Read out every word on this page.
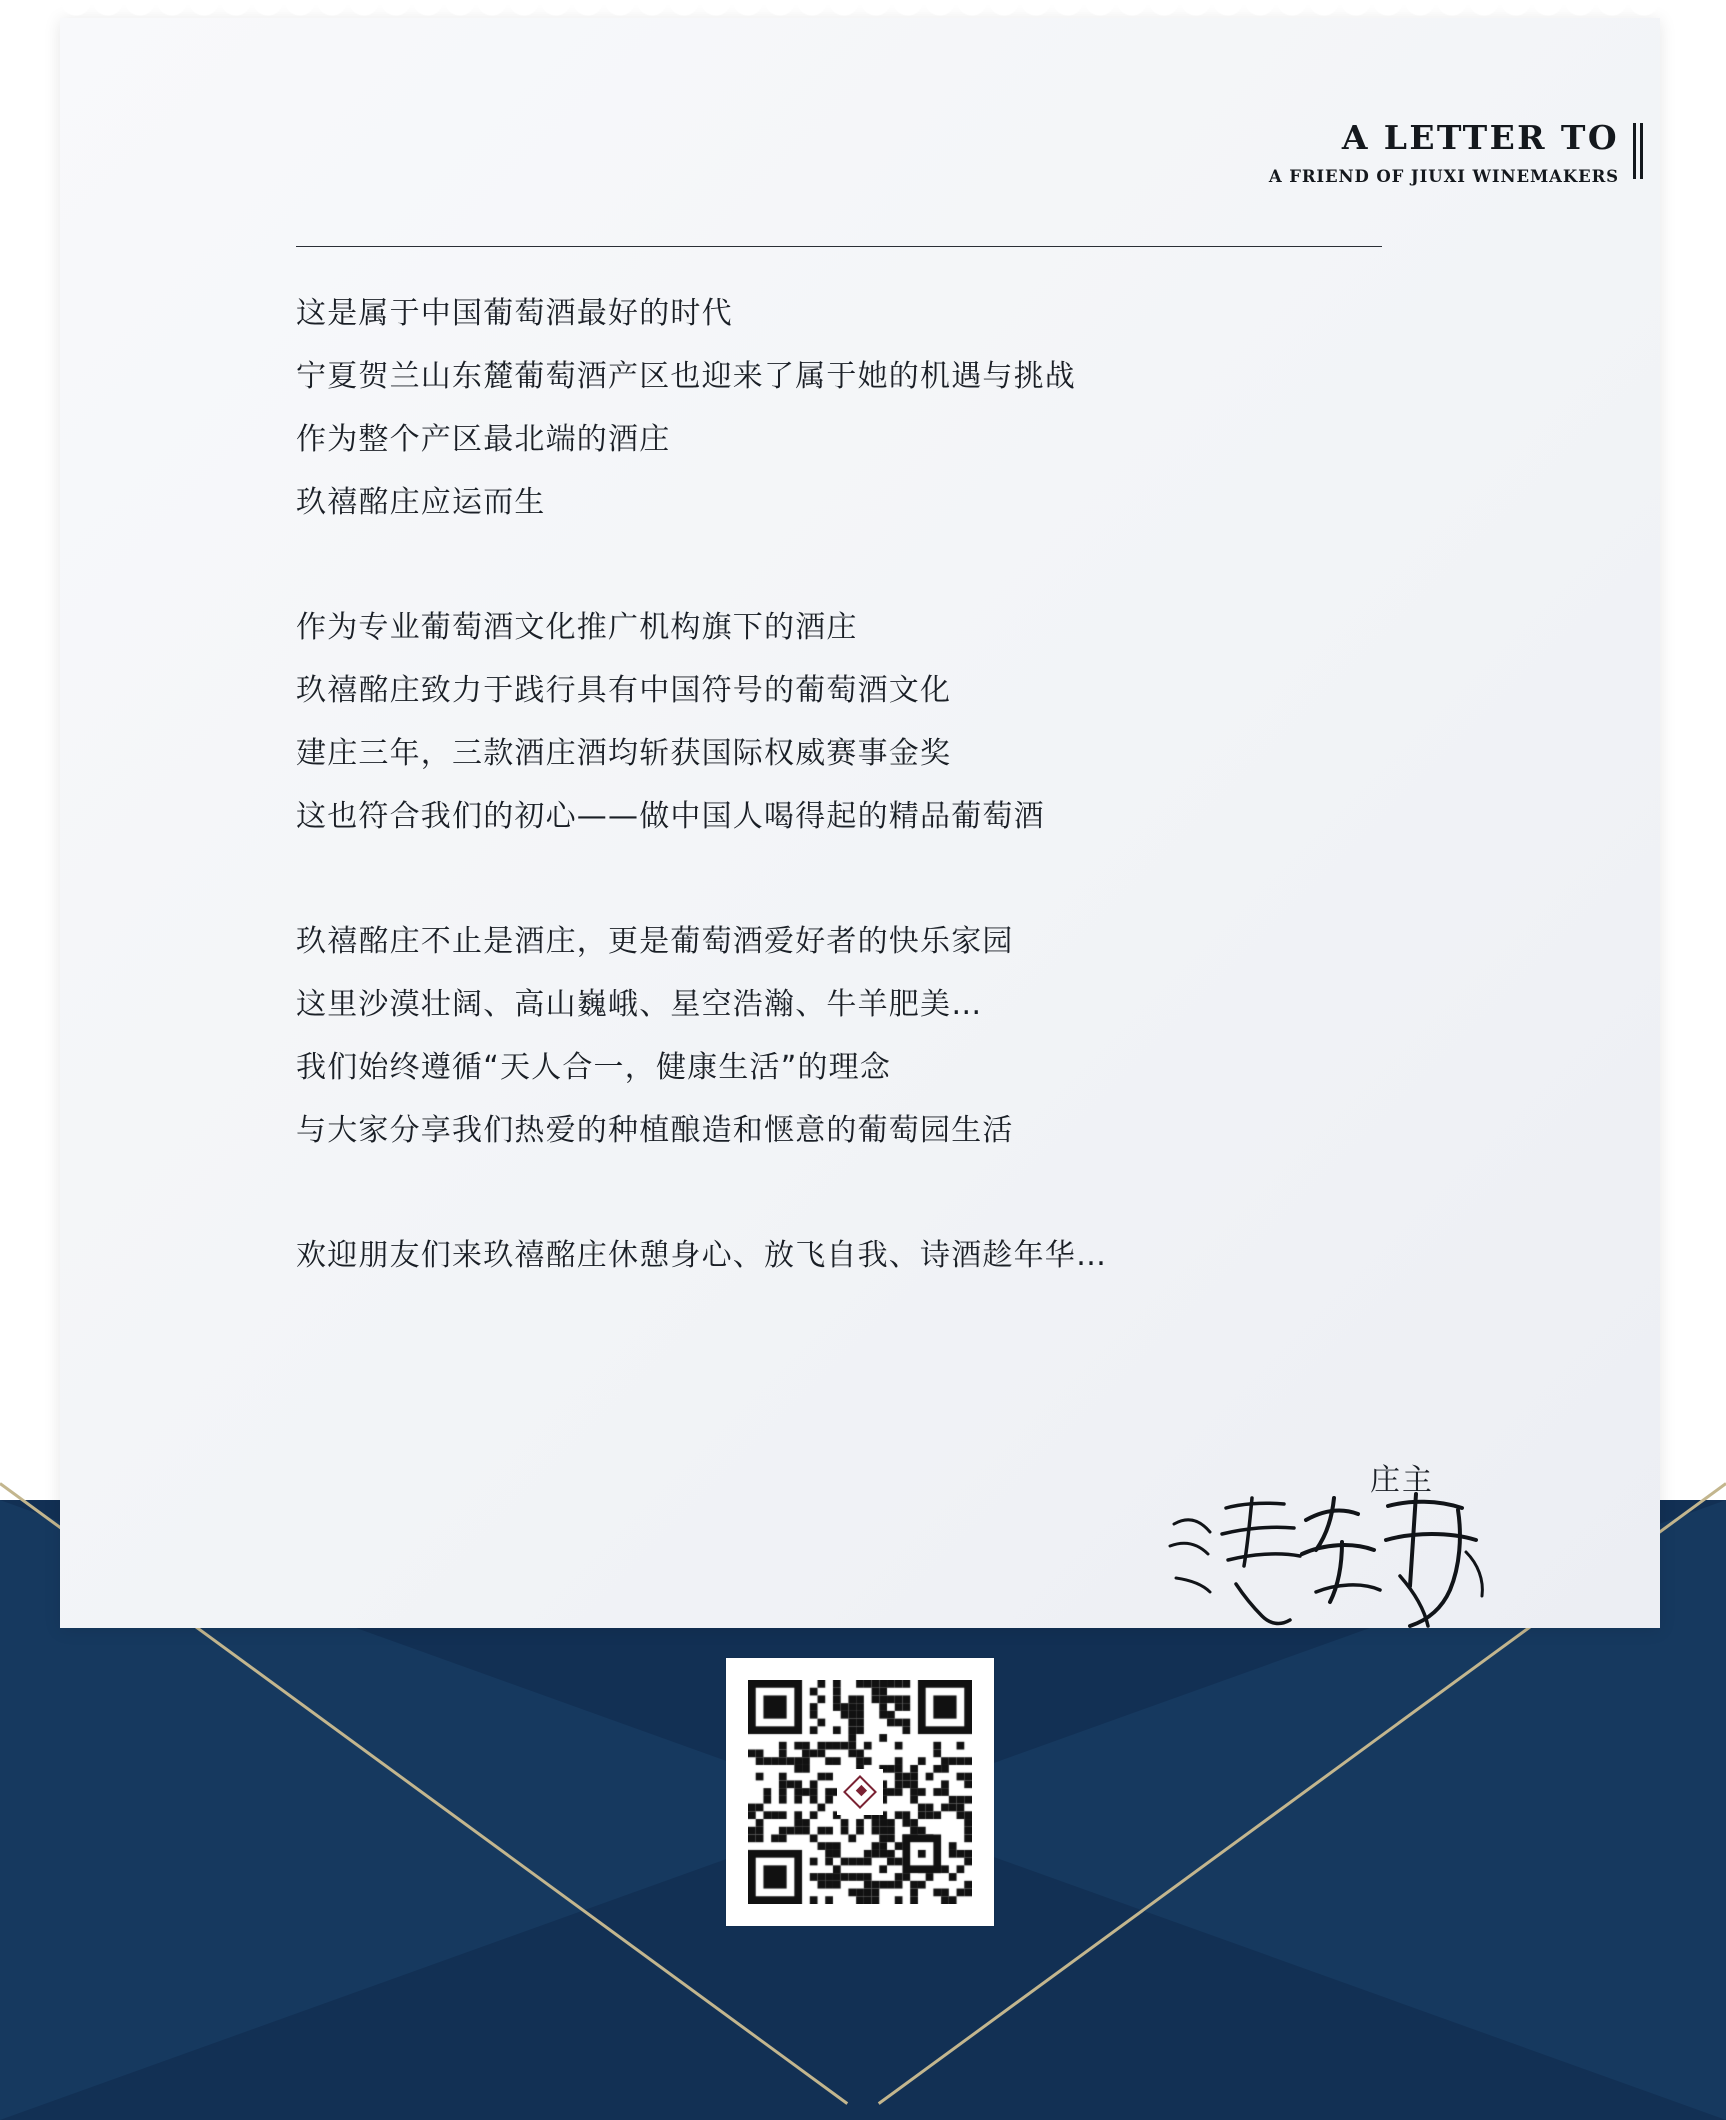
A LETTER TO
A FRIEND OF JIUXI WINEMAKERS

这是属于中国葡萄酒最好的时代
宁夏贺兰山东麓葡萄酒产区也迎来了属于她的机遇与挑战
作为整个产区最北端的酒庄
玖禧酩庄应运而生

作为专业葡萄酒文化推广机构旗下的酒庄
玖禧酩庄致力于践行具有中国符号的葡萄酒文化
建庄三年，三款酒庄酒均斩获国际权威赛事金奖
这也符合我们的初心——做中国人喝得起的精品葡萄酒

玖禧酩庄不止是酒庄，更是葡萄酒爱好者的快乐家园
这里沙漠壮阔、高山巍峨、星空浩瀚、牛羊肥美…
我们始终遵循“天人合一，健康生活”的理念
与大家分享我们热爱的种植酿造和惬意的葡萄园生活

欢迎朋友们来玖禧酩庄休憩身心、放飞自我、诗酒趁年华…

庄主
